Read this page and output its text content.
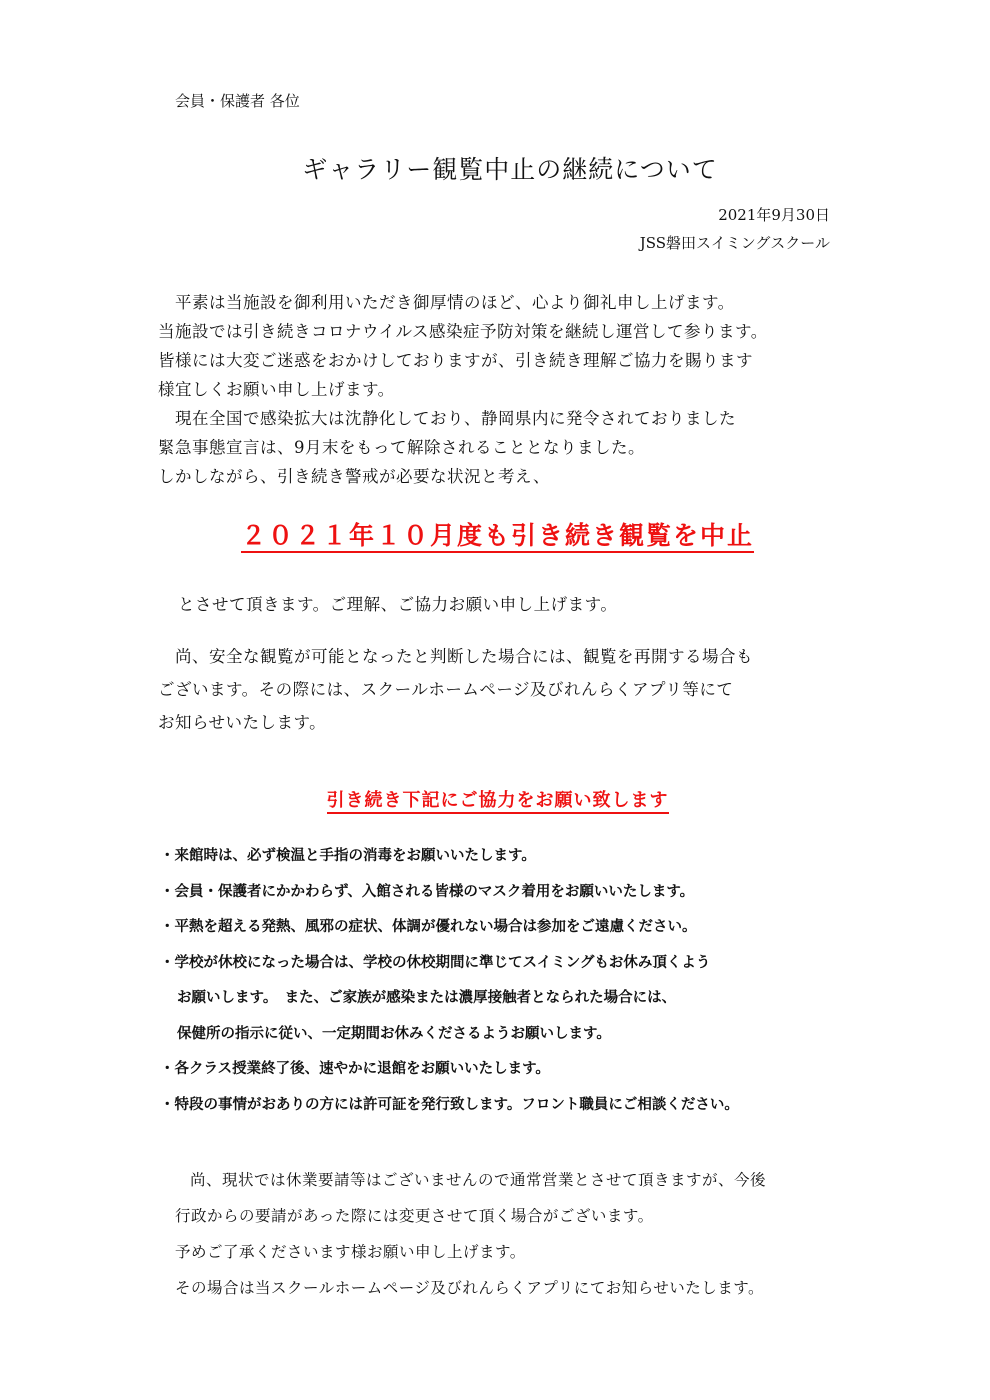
会員・保護者 各位
ギャラリー観覧中止の継続について
2021年9月30日
JSS磐田スイミングスクール
　平素は当施設を御利用いただき御厚情のほど、心より御礼申し上げます。
当施設では引き続きコロナウイルス感染症予防対策を継続し運営して参ります。
皆様には大変ご迷惑をおかけしておりますが、引き続き理解ご協力を賜ります
様宜しくお願い申し上げます。
　現在全国で感染拡大は沈静化しており、静岡県内に発令されておりました
緊急事態宣言は、9月末をもって解除されることとなりました。
しかしながら、引き続き警戒が必要な状況と考え、
２０２１年１０月度も引き続き観覧を中止
とさせて頂きます。ご理解、ご協力お願い申し上げます。
　尚、安全な観覧が可能となったと判断した場合には、観覧を再開する場合も
ございます。その際には、スクールホームページ及びれんらくアプリ等にて
お知らせいたします。
引き続き下記にご協力をお願い致します
・来館時は、必ず検温と手指の消毒をお願いいたします。
・会員・保護者にかかわらず、入館される皆様のマスク着用をお願いいたします。
・平熱を超える発熱、風邪の症状、体調が優れない場合は参加をご遠慮ください。
・学校が休校になった場合は、学校の休校期間に準じてスイミングもお休み頂くよう
お願いします。　また、ご家族が感染または濃厚接触者となられた場合には、
保健所の指示に従い、一定期間お休みくださるようお願いします。
・各クラス授業終了後、速やかに退館をお願いいたします。
・特段の事情がおありの方には許可証を発行致します。フロント職員にご相談ください。
尚、現状では休業要請等はございませんので通常営業とさせて頂きますが、今後
行政からの要請があった際には変更させて頂く場合がございます。
予めご了承くださいます様お願い申し上げます。
その場合は当スクールホームページ及びれんらくアプリにてお知らせいたします。
